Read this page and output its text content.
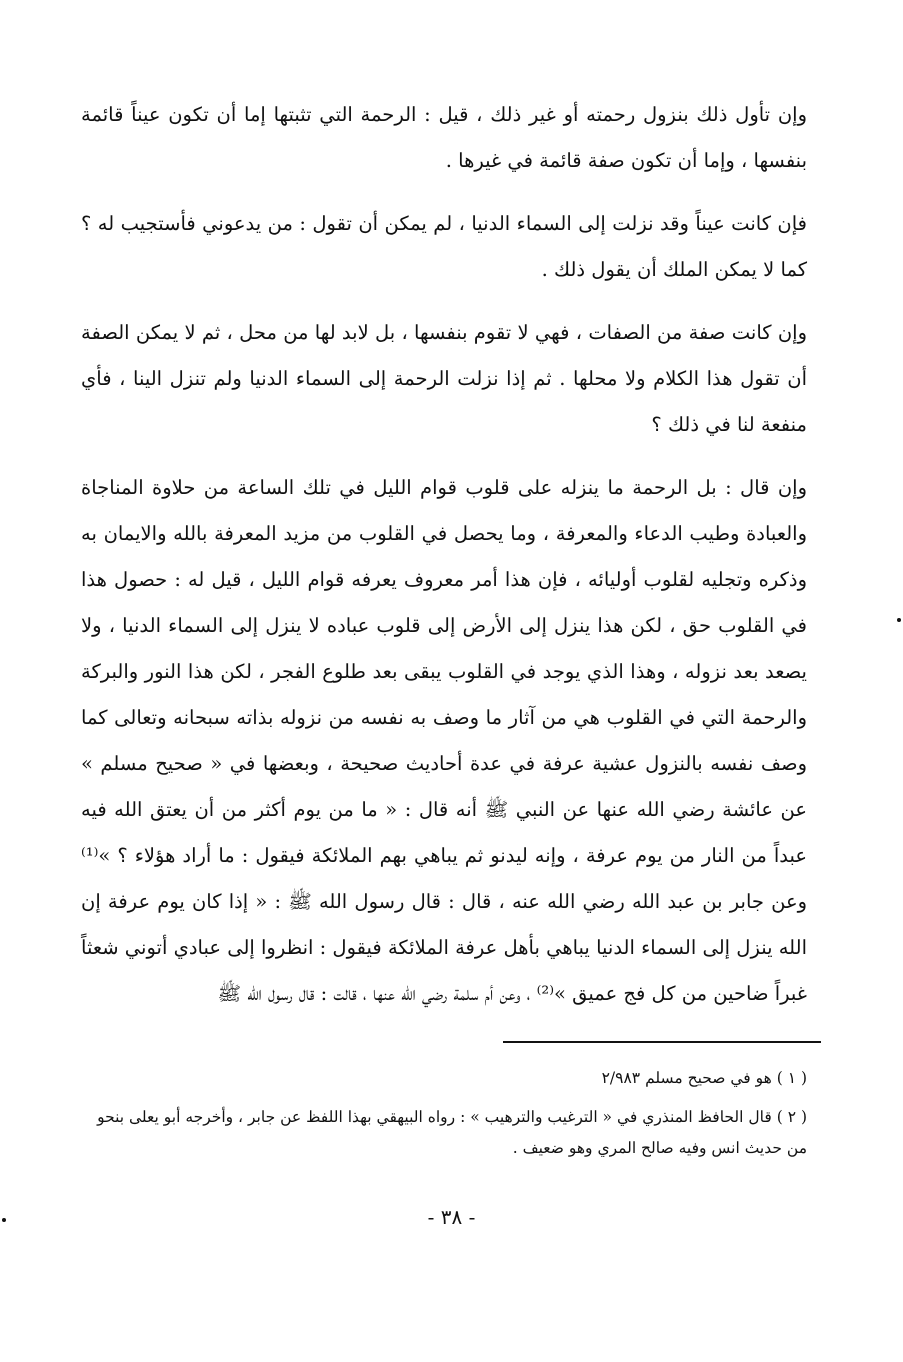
وإن تأول ذلك بنزول رحمته أو غير ذلك ، قيل : الرحمة التي تثبتها إما أن تكون عيناً قائمة بنفسها ، وإما أن تكون صفة قائمة في غيرها .

فإن كانت عيناً وقد نزلت إلى السماء الدنيا ، لم يمكن أن تقول : من يدعوني فأستجيب له ؟ كما لا يمكن الملك أن يقول ذلك .

وإن كانت صفة من الصفات ، فهي لا تقوم بنفسها ، بل لابد لها من محل ، ثم لا يمكن الصفة أن تقول هذا الكلام ولا محلها . ثم إذا نزلت الرحمة إلى السماء الدنيا ولم تنزل الينا ، فأي منفعة لنا في ذلك ؟

وإن قال : بل الرحمة ما ينزله على قلوب قوام الليل في تلك الساعة من حلاوة المناجاة والعبادة وطيب الدعاء والمعرفة ، وما يحصل في القلوب من مزيد المعرفة بالله والايمان به وذكره وتجليه لقلوب أوليائه ، فإن هذا أمر معروف يعرفه قوام الليل ، قيل له : حصول هذا في القلوب حق ، لكن هذا ينزل إلى الأرض إلى قلوب عباده لا ينزل إلى السماء الدنيا ، ولا يصعد بعد نزوله ، وهذا الذي يوجد في القلوب يبقى بعد طلوع الفجر ، لكن هذا النور والبركة والرحمة التي في القلوب هي من آثار ما وصف به نفسه من نزوله بذاته سبحانه وتعالى كما وصف نفسه بالنزول عشية عرفة في عدة أحاديث صحيحة ، وبعضها في « صحيح مسلم » عن عائشة رضي الله عنها عن النبي ﷺ أنه قال : « ما من يوم أكثر من أن يعتق الله فيه عبداً من النار من يوم عرفة ، وإنه ليدنو ثم يباهي بهم الملائكة فيقول : ما أراد هؤلاء ؟ »⁽¹⁾ وعن جابر بن عبد الله رضي الله عنه ، قال : قال رسول الله ﷺ : « إذا كان يوم عرفة إن الله ينزل إلى السماء الدنيا يباهي بأهل عرفة الملائكة فيقول : انظروا إلى عبادي أتوني شعثاً غبراً ضاحين من كل فج عميق »⁽²⁾ ، وعن أم سلمة رضي الله عنها ، قالت : قال رسول الله ﷺ

( ١ ) هو في صحيح مسلم ٢/٩٨٣

( ٢ ) قال الحافظ المنذري في « الترغيب والترهيب » : رواه البيهقي بهذا اللفظ عن جابر ، وأخرجه أبو يعلى بنحو من حديث انس وفيه صالح المري وهو ضعيف .

- ٣٨ -
